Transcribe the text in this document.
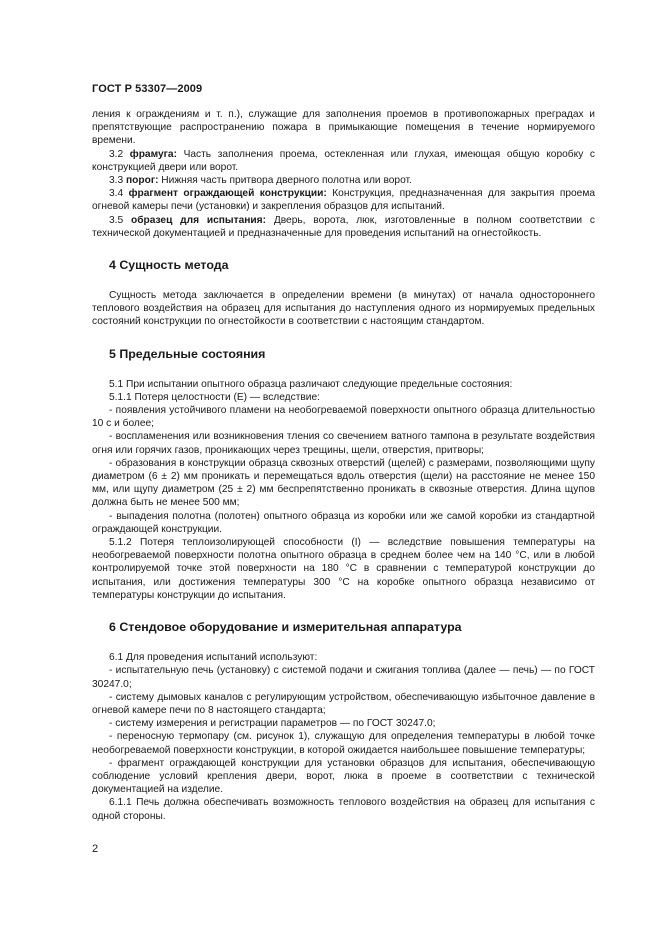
ГОСТ Р 53307—2009

ления к ограждениям и т. п.), служащие для заполнения проемов в противопожарных преградах и препятствующие распространению пожара в примыкающие помещения в течение нормируемого времени.

3.2 фрамуга: Часть заполнения проема, остекленная или глухая, имеющая общую коробку с конструкцией двери или ворот.

3.3 порог: Нижняя часть притвора дверного полотна или ворот.

3.4 фрагмент ограждающей конструкции: Конструкция, предназначенная для закрытия проема огневой камеры печи (установки) и закрепления образцов для испытаний.

3.5 образец для испытания: Дверь, ворота, люк, изготовленные в полном соответствии с технической документацией и предназначенные для проведения испытаний на огнестойкость.

4 Сущность метода

Сущность метода заключается в определении времени (в минутах) от начала одностороннего теплового воздействия на образец для испытания до наступления одного из нормируемых предельных состояний конструкции по огнестойкости в соответствии с настоящим стандартом.

5 Предельные состояния

5.1 При испытании опытного образца различают следующие предельные состояния:

5.1.1 Потеря целостности (Е) — вследствие:

- появления устойчивого пламени на необогреваемой поверхности опытного образца длительностью 10 с и более;

- воспламенения или возникновения тления со свечением ватного тампона в результате воздействия огня или горячих газов, проникающих через трещины, щели, отверстия, притворы;

- образования в конструкции образца сквозных отверстий (щелей) с размерами, позволяющими щупу диаметром (6 ± 2) мм проникать и перемещаться вдоль отверстия (щели) на расстояние не менее 150 мм, или щупу диаметром (25 ± 2) мм беспрепятственно проникать в сквозные отверстия. Длина щупов должна быть не менее 500 мм;

- выпадения полотна (полотен) опытного образца из коробки или же самой коробки из стандартной ограждающей конструкции.

5.1.2 Потеря теплоизолирующей способности (I) — вследствие повышения температуры на необогреваемой поверхности полотна опытного образца в среднем более чем на 140 °С, или в любой контролируемой точке этой поверхности на 180 °С в сравнении с температурой конструкции до испытания, или достижения температуры 300 °С на коробке опытного образца независимо от температуры конструкции до испытания.

6 Стендовое оборудование и измерительная аппаратура

6.1 Для проведения испытаний используют:

- испытательную печь (установку) с системой подачи и сжигания топлива (далее — печь) — по ГОСТ 30247.0;

- систему дымовых каналов с регулирующим устройством, обеспечивающую избыточное давление в огневой камере печи по 8 настоящего стандарта;

- систему измерения и регистрации параметров — по ГОСТ 30247.0;

- переносную термопару (см. рисунок 1), служащую для определения температуры в любой точке необогреваемой поверхности конструкции, в которой ожидается наибольшее повышение температуры;

- фрагмент ограждающей конструкции для установки образцов для испытания, обеспечивающую соблюдение условий крепления двери, ворот, люка в проеме в соответствии с технической документацией на изделие.

6.1.1 Печь должна обеспечивать возможность теплового воздействия на образец для испытания с одной стороны.

2
